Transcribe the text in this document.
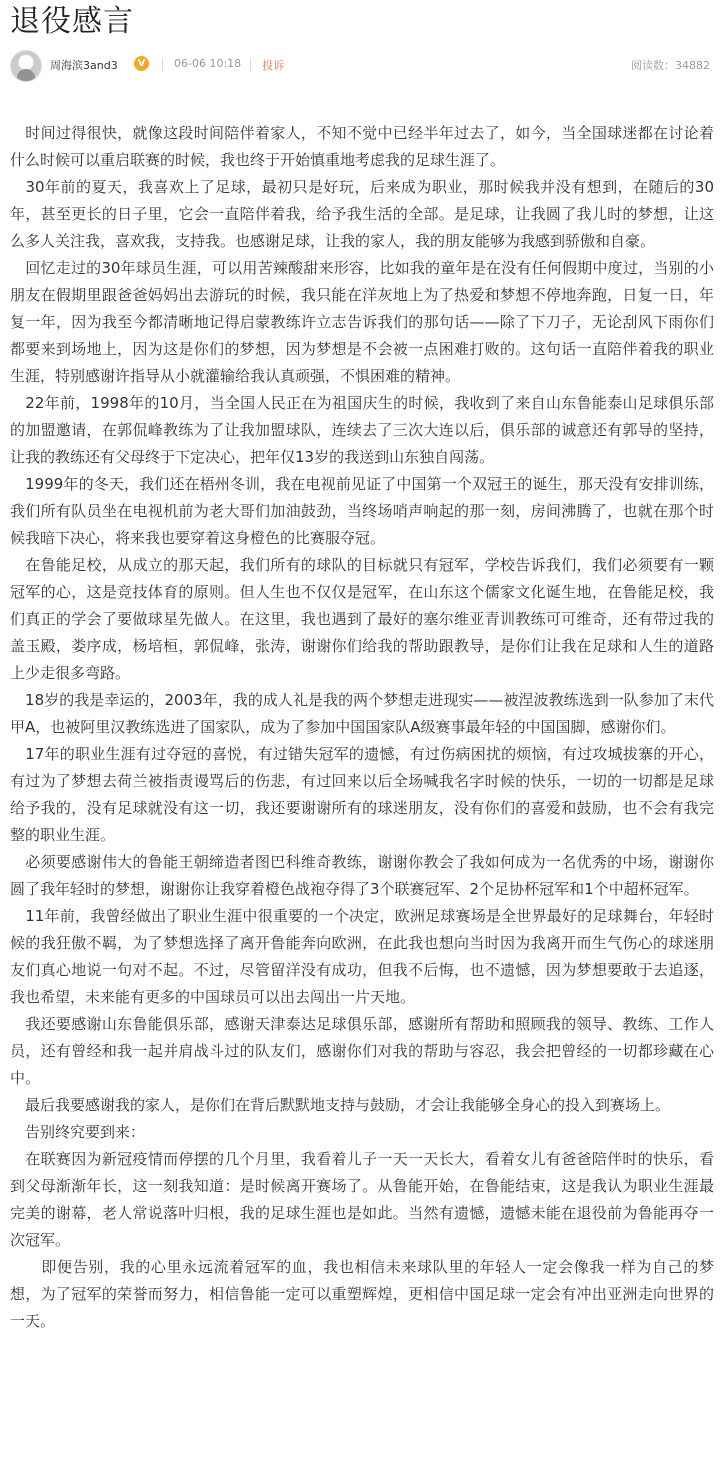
退役感言
周海滨3and3	V	06-06 10:18 投诉	阅读数：34882

　时间过得很快，就像这段时间陪伴着家人，不知不觉中已经半年过去了，如今，当全国球迷都在讨论着什么时候可以重启联赛的时候，我也终于开始慎重地考虑我的足球生涯了。

　30年前的夏天，我喜欢上了足球，最初只是好玩，后来成为职业，那时候我并没有想到，在随后的30年，甚至更长的日子里，它会一直陪伴着我，给予我生活的全部。是足球，让我圆了我儿时的梦想，让这么多人关注我，喜欢我，支持我。也感谢足球，让我的家人，我的朋友能够为我感到骄傲和自豪。

　回忆走过的30年球员生涯，可以用苦辣酸甜来形容，比如我的童年是在没有任何假期中度过，当别的小朋友在假期里跟爸爸妈妈出去游玩的时候，我只能在洋灰地上为了热爱和梦想不停地奔跑，日复一日，年复一年，因为我至今都清晰地记得启蒙教练许立志告诉我们的那句话——除了下刀子，无论刮风下雨你们都要来到场地上，因为这是你们的梦想，因为梦想是不会被一点困难打败的。这句话一直陪伴着我的职业生涯，特别感谢许指导从小就灌输给我认真顽强，不惧困难的精神。

　22年前，1998年的10月，当全国人民正在为祖国庆生的时候，我收到了来自山东鲁能泰山足球俱乐部的加盟邀请，在郭侃峰教练为了让我加盟球队，连续去了三次大连以后，俱乐部的诚意还有郭导的坚持，让我的教练还有父母终于下定决心，把年仅13岁的我送到山东独自闯荡。

　1999年的冬天，我们还在梧州冬训，我在电视前见证了中国第一个双冠王的诞生，那天没有安排训练，我们所有队员坐在电视机前为老大哥们加油鼓劲，当终场哨声响起的那一刻，房间沸腾了，也就在那个时候我暗下决心，将来我也要穿着这身橙色的比赛服夺冠。

　在鲁能足校，从成立的那天起，我们所有的球队的目标就只有冠军，学校告诉我们，我们必须要有一颗冠军的心，这是竞技体育的原则。但人生也不仅仅是冠军，在山东这个儒家文化诞生地，在鲁能足校，我们真正的学会了要做球星先做人。在这里，我也遇到了最好的塞尔维亚青训教练可可维奇，还有带过我的盖玉殿，娄序成，杨培桓，郭侃峰，张涛，谢谢你们给我的帮助跟教导，是你们让我在足球和人生的道路上少走很多弯路。

　18岁的我是幸运的，2003年，我的成人礼是我的两个梦想走进现实——被涅波教练选到一队参加了末代甲A，也被阿里汉教练选进了国家队，成为了参加中国国家队A级赛事最年轻的中国国脚，感谢你们。

　17年的职业生涯有过夺冠的喜悦，有过错失冠军的遗憾，有过伤病困扰的烦恼，有过攻城拔寨的开心，有过为了梦想去荷兰被指责谩骂后的伤悲，有过回来以后全场喊我名字时候的快乐，一切的一切都是足球给予我的，没有足球就没有这一切，我还要谢谢所有的球迷朋友，没有你们的喜爱和鼓励，也不会有我完整的职业生涯。

　必须要感谢伟大的鲁能王朝缔造者图巴科维奇教练，谢谢你教会了我如何成为一名优秀的中场，谢谢你圆了我年轻时的梦想，谢谢你让我穿着橙色战袍夺得了3个联赛冠军、2个足协杯冠军和1个中超杯冠军。

　11年前，我曾经做出了职业生涯中很重要的一个决定，欧洲足球赛场是全世界最好的足球舞台，年轻时候的我狂傲不羁，为了梦想选择了离开鲁能奔向欧洲，在此我也想向当时因为我离开而生气伤心的球迷朋友们真心地说一句对不起。不过，尽管留洋没有成功，但我不后悔，也不遗憾，因为梦想要敢于去追逐，我也希望，未来能有更多的中国球员可以出去闯出一片天地。

　我还要感谢山东鲁能俱乐部，感谢天津泰达足球俱乐部，感谢所有帮助和照顾我的领导、教练、工作人员，还有曾经和我一起并肩战斗过的队友们，感谢你们对我的帮助与容忍，我会把曾经的一切都珍藏在心中。

　最后我要感谢我的家人，是你们在背后默默地支持与鼓励，才会让我能够全身心的投入到赛场上。

　告别终究要到来：

　在联赛因为新冠疫情而停摆的几个月里，我看着儿子一天一天长大，看着女儿有爸爸陪伴时的快乐，看到父母渐渐年长，这一刻我知道：是时候离开赛场了。从鲁能开始，在鲁能结束，这是我认为职业生涯最完美的谢幕，老人常说落叶归根，我的足球生涯也是如此。当然有遗憾，遗憾未能在退役前为鲁能再夺一次冠军。

　　即便告别，我的心里永远流着冠军的血，我也相信未来球队里的年轻人一定会像我一样为自己的梦想，为了冠军的荣誉而努力，相信鲁能一定可以重塑辉煌，更相信中国足球一定会有冲出亚洲走向世界的一天。
